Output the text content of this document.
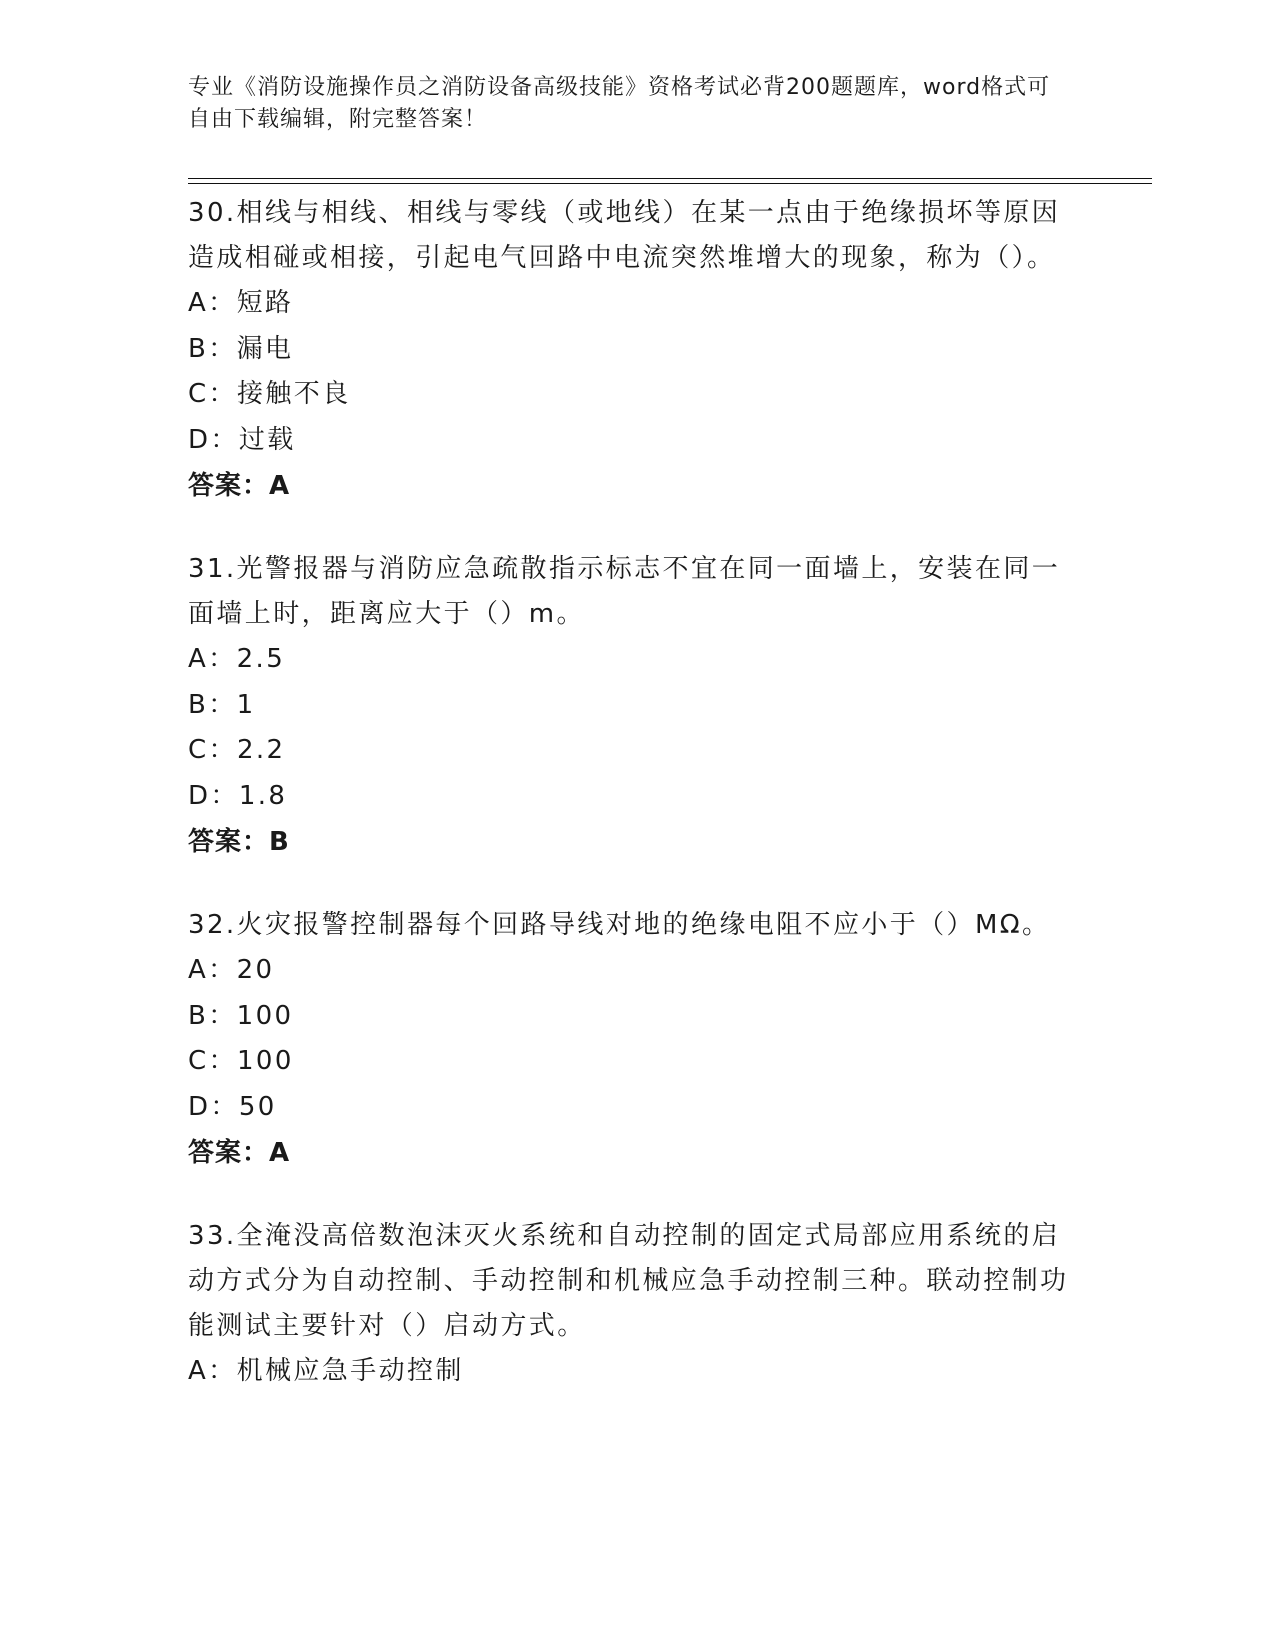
专业《消防设施操作员之消防设备高级技能》资格考试必背200题题库，word格式可自由下载编辑，附完整答案！

30.相线与相线、相线与零线（或地线）在某一点由于绝缘损坏等原因造成相碰或相接，引起电气回路中电流突然堆增大的现象，称为（）。

A：短路
B：漏电
C：接触不良
D：过载
答案：A

31.光警报器与消防应急疏散指示标志不宜在同一面墙上，安装在同一面墙上时，距离应大于（）m。

A：2.5
B：1
C：2.2
D：1.8
答案：B

32.火灾报警控制器每个回路导线对地的绝缘电阻不应小于（）MΩ。

A：20
B：100
C：100
D：50
答案：A

33.全淹没高倍数泡沫灭火系统和自动控制的固定式局部应用系统的启动方式分为自动控制、手动控制和机械应急手动控制三种。联动控制功能测试主要针对（）启动方式。

A：机械应急手动控制
